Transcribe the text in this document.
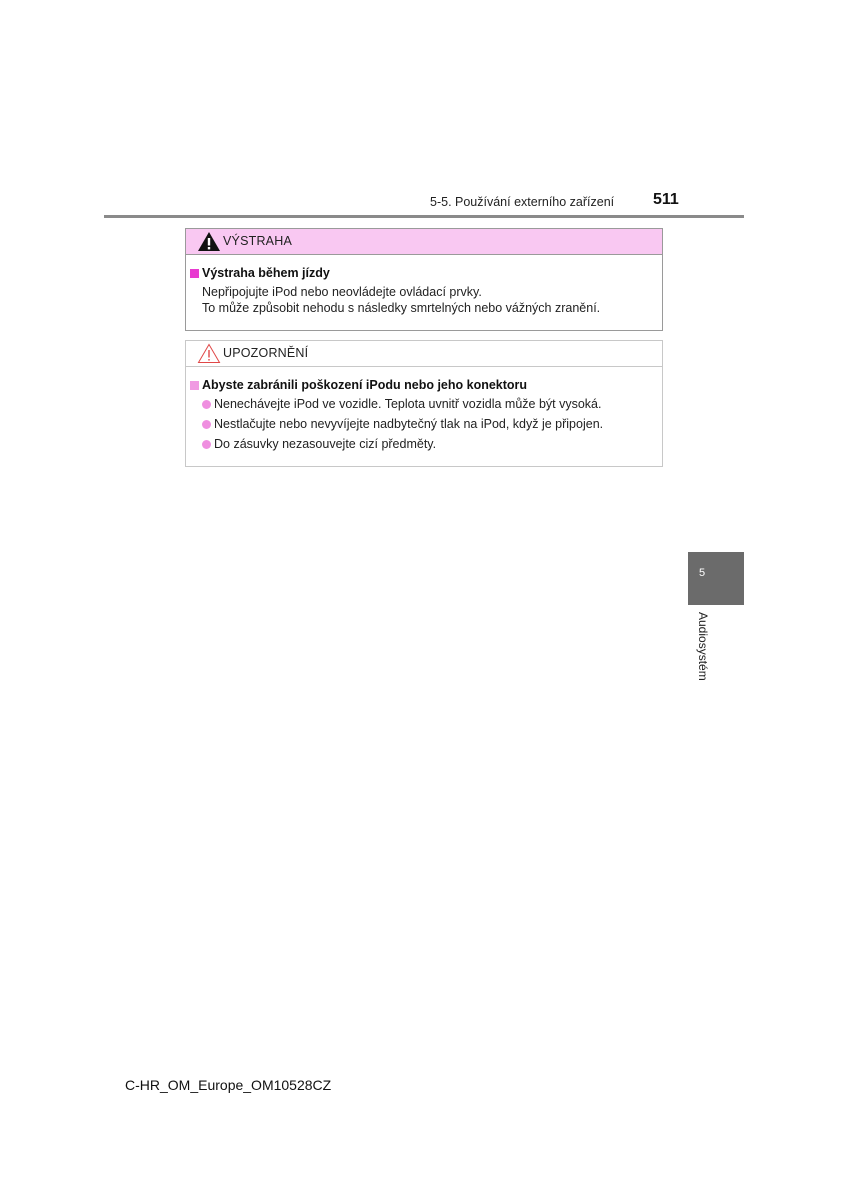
5-5. Používání externího zařízení 511
VÝSTRAHA
Výstraha během jízdy
Nepřipojujte iPod nebo neovládejte ovládací prvky.
To může způsobit nehodu s následky smrtelných nebo vážných zranění.
UPOZORNĚNÍ
Abyste zabránili poškození iPodu nebo jeho konektoru
Nenechávejte iPod ve vozidle. Teplota uvnitř vozidla může být vysoká.
Nestlačujte nebo nevyvíjejte nadbytečný tlak na iPod, když je připojen.
Do zásuvky nezasouvejte cizí předměty.
5
Audiosystém
C-HR_OM_Europe_OM10528CZ
